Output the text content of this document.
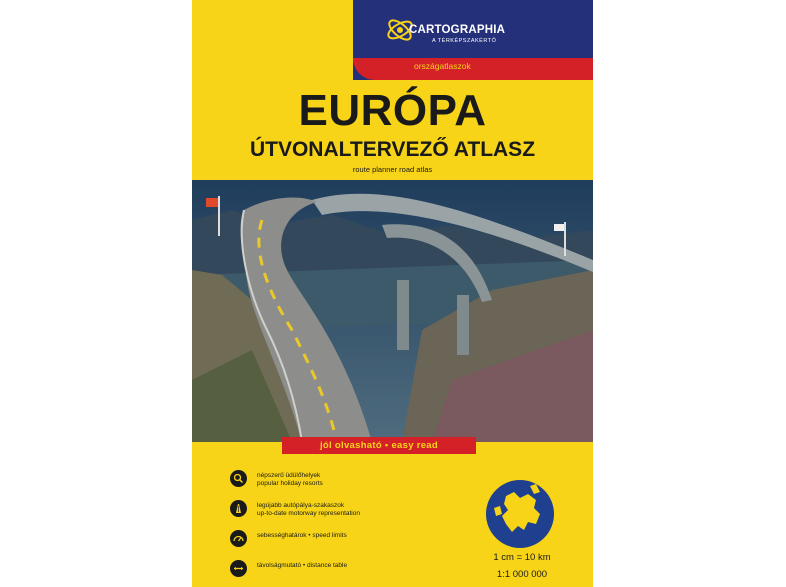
CARTOGRAPHIA
A TÉRKÉPSZAKÉRTŐ
országatlaszok
EURÓPA
ÚTVONALTERVEZŐ ATLASZ
route planner road atlas
jól olvasható • easy read
népszerű üdülőhelyek
popular holiday resorts
legújabb autópálya-szakaszok
up-to-date motorway representation
sebességhatárok • speed limits
távolságmutató • distance table
1 cm = 10 km
1:1 000 000
